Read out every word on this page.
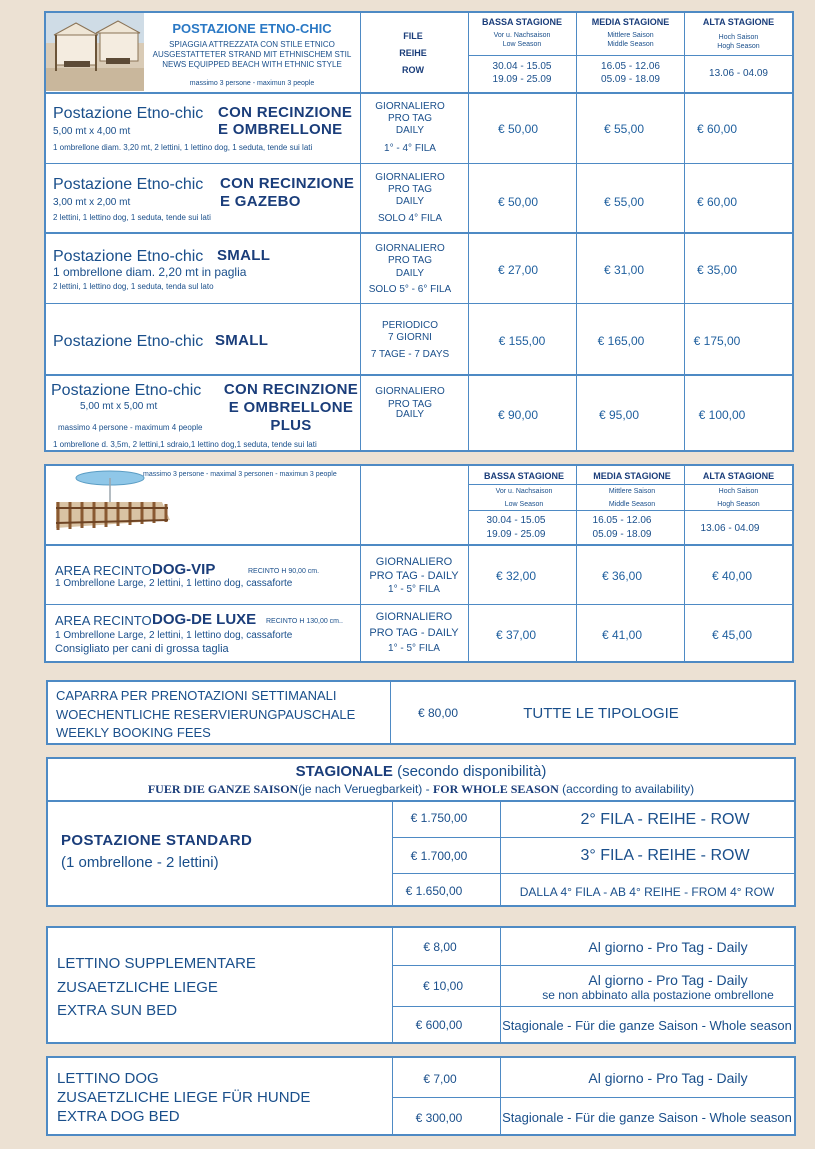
POSTAZIONE ETNO-CHIC
SPIAGGIA ATTREZZATA CON STILE ETNICO
AUSGESTATTETER STRAND MIT ETHNISCHEM STIL
NEWS EQUIPPED BEACH WITH ETHNIC STYLE
massimo 3 persone - maximun 3 people
FILE
REIHE
ROW
BASSA STAGIONE
Vor u. Nachsaison
Low Season
30.04 - 15.05
19.09 - 25.09
MEDIA STAGIONE
Mittlere Saison
Middle Season
16.05 - 12.06
05.09 - 18.09
ALTA STAGIONE
Hoch Saison
Hogh Season
13.06 - 04.09
Postazione Etno-chic CON RECINZIONE
E OMBRELLONE
5,00 mt x 4,00 mt
1 ombrellone diam. 3,20 mt, 2 lettini, 1 lettino dog, 1 seduta, tende sui lati
GIORNALIERO
PRO TAG
DAILY
1° - 4° FILA
€ 50,00	€ 55,00	€ 60,00
Postazione Etno-chic CON RECINZIONE
E GAZEBO
3,00 mt x 2,00 mt
2 lettini, 1 lettino dog, 1 seduta, tende sui lati
GIORNALIERO
PRO TAG
DAILY
SOLO 4° FILA
€ 50,00	€ 55,00	€ 60,00
Postazione Etno-chic SMALL
1 ombrellone diam. 2,20 mt in paglia
2 lettini, 1 lettino dog, 1 seduta, tenda sul lato
GIORNALIERO
PRO TAG
DAILY
SOLO 5° - 6° FILA
€ 27,00	€ 31,00	€ 35,00
Postazione Etno-chic SMALL
PERIODICO
7 GIORNI
7 TAGE - 7 DAYS
€ 155,00	€ 165,00	€ 175,00
Postazione Etno-chic CON RECINZIONE
E OMBRELLONE
PLUS
5,00 mt x 5,00 mt
massimo 4 persone - maximum 4 people
1 ombrellone d. 3,5m, 2 lettini,1 sdraio,1 lettino dog,1 seduta, tende sui lati
GIORNALIERO
PRO TAG
DAILY	€ 90,00	€ 95,00	€ 100,00
massimo 3 persone - maximal 3 personen - maximun 3 people	BASSA STAGIONE
Vor u. Nachsaison
Low Season
30.04 - 15.05
19.09 - 25.09
MEDIA STAGIONE
Mittlere Saison
Middle Season
16.05 - 12.06
05.09 - 18.09
ALTA STAGIONE
Hoch Saison
Hogh Season
13.06 - 04.09
AREA RECINTO DOG-VIP	RECINTO H 90,00 cm.
1 Ombrellone Large, 2 lettini, 1 lettino dog, cassaforte
GIORNALIERO
PRO TAG - DAILY
1° - 5° FILA
€ 32,00	€ 36,00	€ 40,00
AREA RECINTO DOG-DE LUXE RECINTO H 130,00 cm..
1 Ombrellone Large, 2 lettini, 1 lettino dog, cassaforte
Consigliato per cani di grossa taglia
GIORNALIERO
PRO TAG - DAILY
1° - 5° FILA
€ 37,00	€ 41,00	€ 45,00
CAPARRA PER PRENOTAZIONI SETTIMANALI
WOECHENTLICHE RESERVIERUNGPAUSCHALE
WEEKLY BOOKING FEES
€ 80,00	TUTTE LE TIPOLOGIE
STAGIONALE (secondo disponibilità)
FUER DIE GANZE SAISON(je nach Veruegbarkeit) - FOR WHOLE SEASON (according to availability)
POSTAZIONE STANDARD
(1 ombrellone - 2 lettini)
€ 1.750,00	2° FILA - REIHE - ROW
€ 1.700,00	3° FILA - REIHE - ROW
€ 1.650,00	DALLA 4° FILA - AB 4° REIHE - FROM 4° ROW
LETTINO SUPPLEMENTARE
ZUSAETZLICHE LIEGE
EXTRA SUN BED
€ 8,00	Al giorno - Pro Tag - Daily
€ 10,00	Al giorno - Pro Tag - Daily
se non abbinato alla postazione ombrellone
€ 600,00	Stagionale - Für die ganze Saison - Whole season
LETTINO DOG
ZUSAETZLICHE LIEGE FÜR HUNDE
EXTRA DOG BED
€ 7,00	Al giorno - Pro Tag - Daily
€ 300,00	Stagionale - Für die ganze Saison - Whole season
